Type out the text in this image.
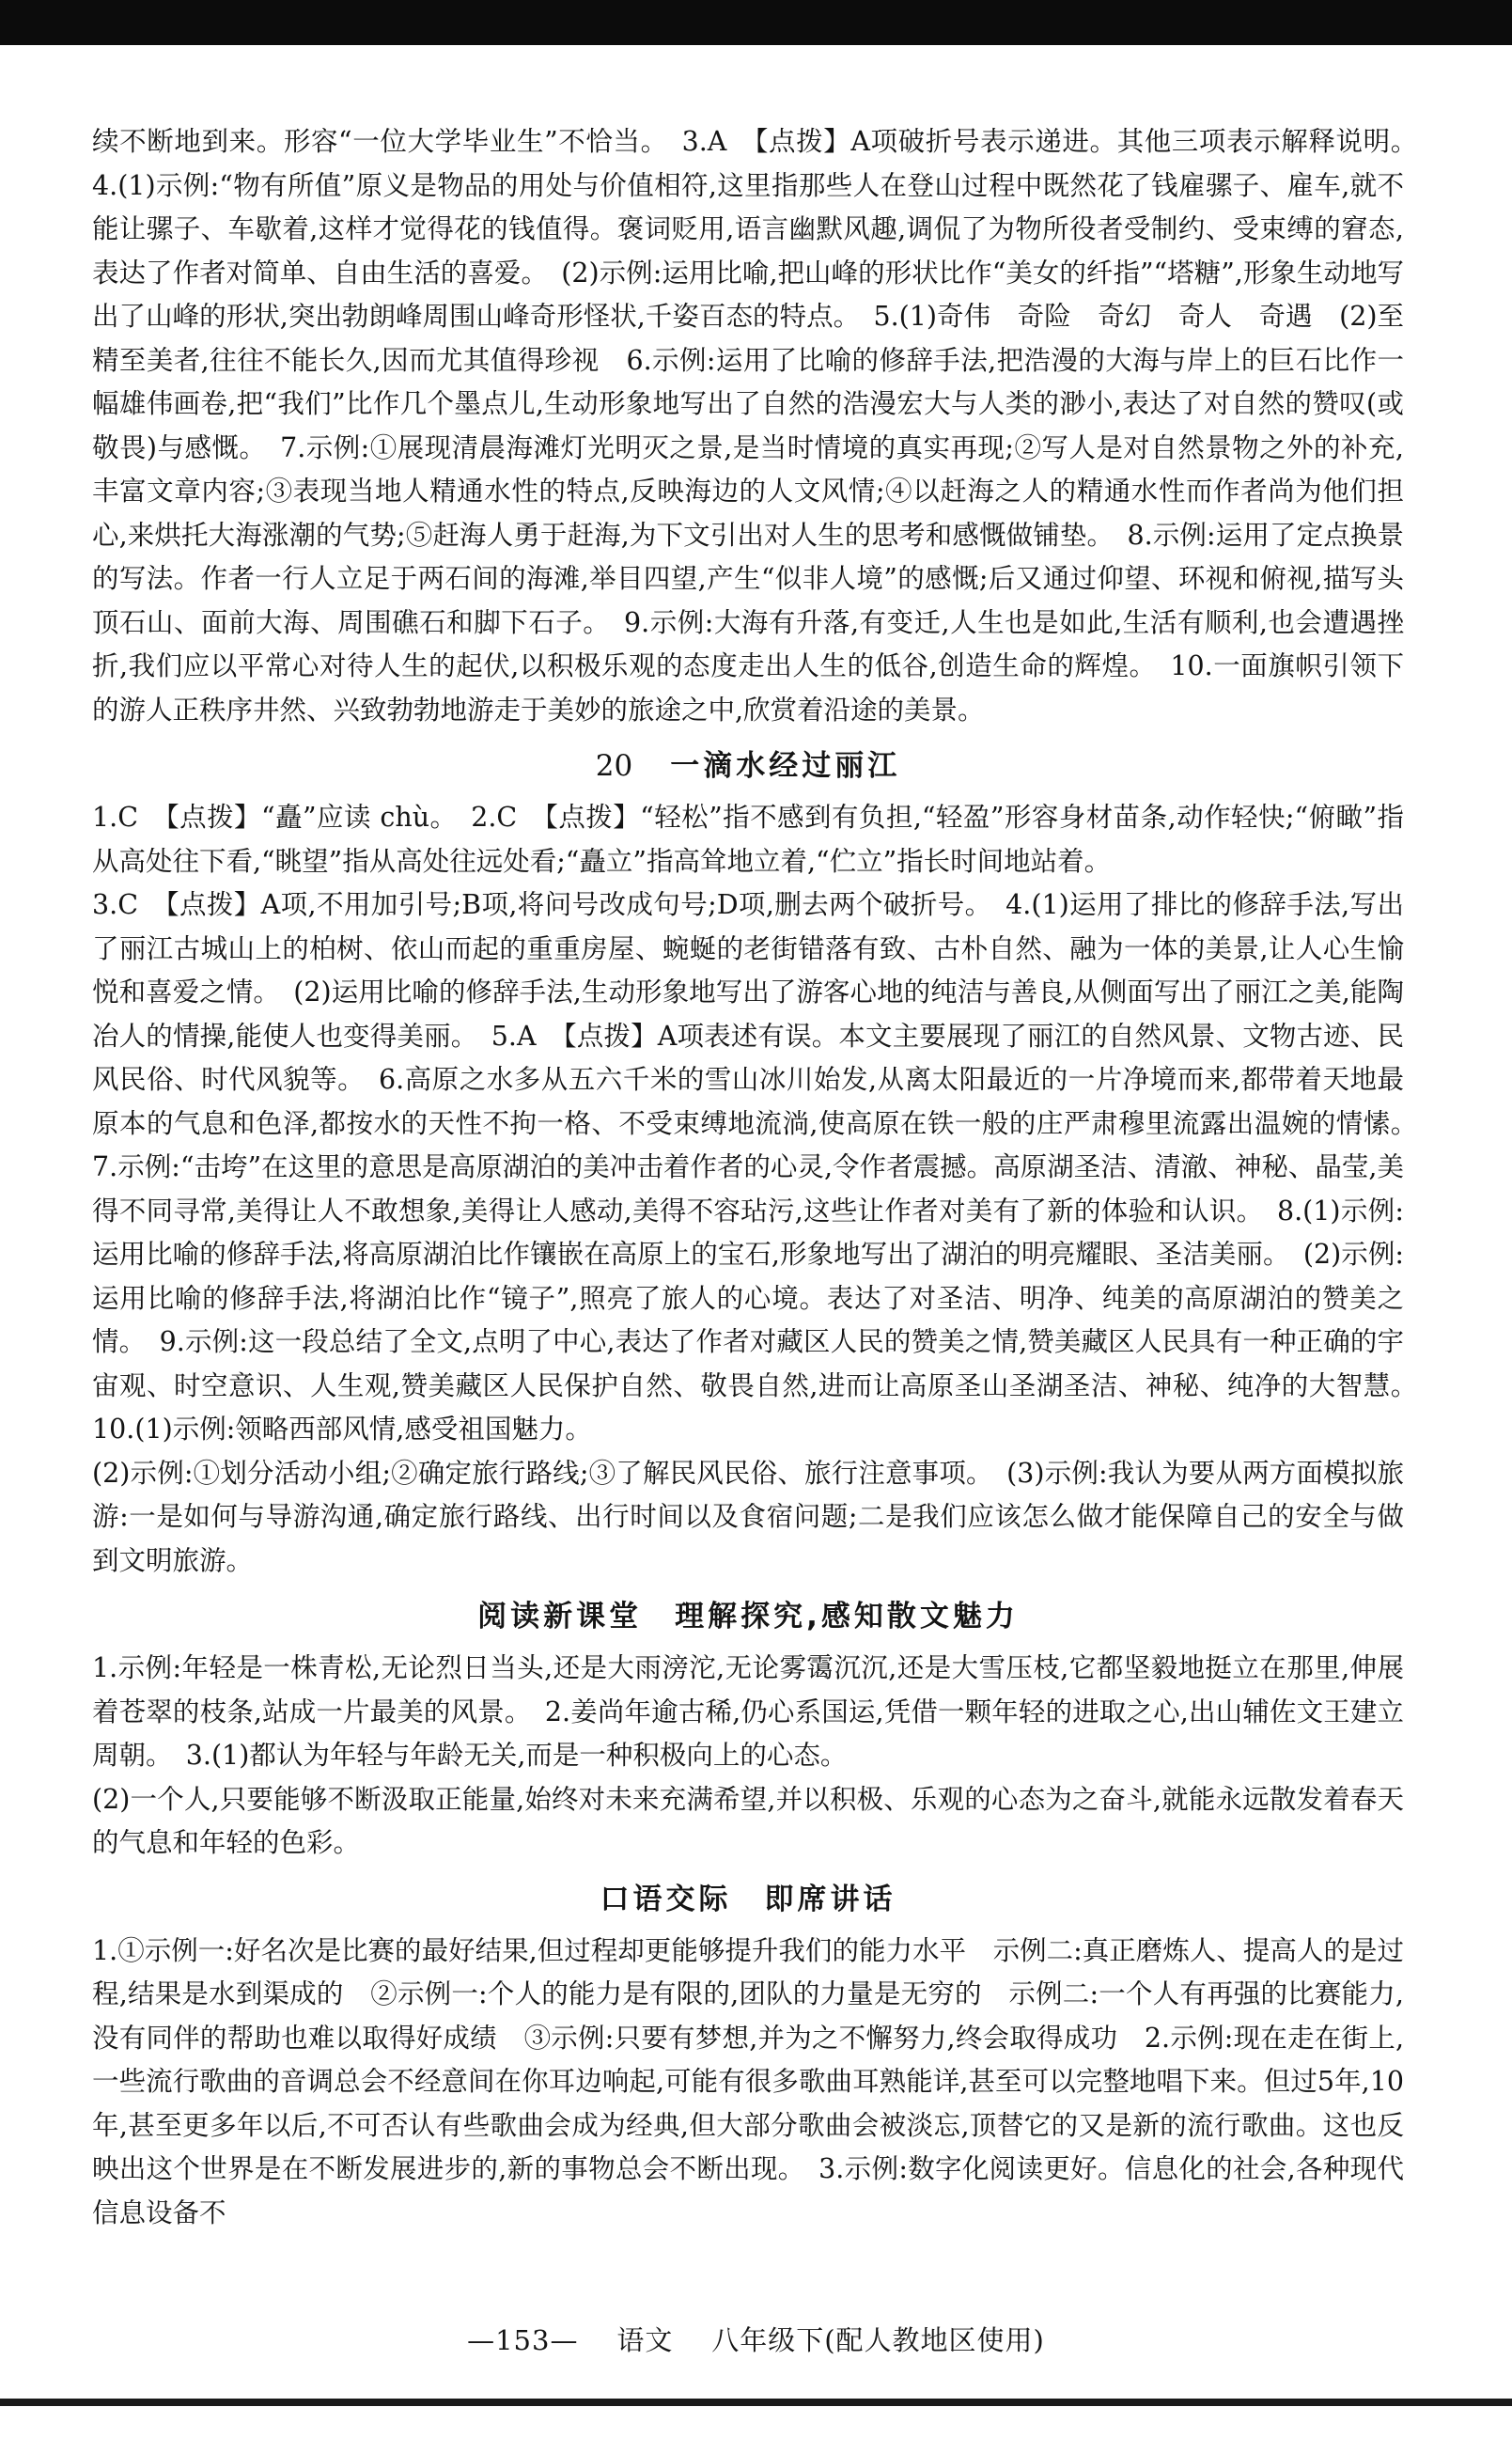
续不断地到来。形容“一位大学毕业生”不恰当。　3.A　【点拨】A项破折号表示递进。其他三项表示解释说明。　4.(1)示例:“物有所值”原义是物品的用处与价值相符,这里指那些人在登山过程中既然花了钱雇骡子、雇车,就不能让骡子、车歇着,这样才觉得花的钱值得。褒词贬用,语言幽默风趣,调侃了为物所役者受制约、受束缚的窘态,表达了作者对简单、自由生活的喜爱。　(2)示例:运用比喻,把山峰的形状比作“美女的纤指”“塔糖”,形象生动地写出了山峰的形状,突出勃朗峰周围山峰奇形怪状,千姿百态的特点。　5.(1)奇伟　奇险　奇幻　奇人　奇遇　(2)至精至美者,往往不能长久,因而尤其值得珍视　6.示例:运用了比喻的修辞手法,把浩漫的大海与岸上的巨石比作一幅雄伟画卷,把“我们”比作几个墨点儿,生动形象地写出了自然的浩漫宏大与人类的渺小,表达了对自然的赞叹(或敬畏)与感慨。　7.示例:①展现清晨海滩灯光明灭之景,是当时情境的真实再现;②写人是对自然景物之外的补充,丰富文章内容;③表现当地人精通水性的特点,反映海边的人文风情;④以赶海之人的精通水性而作者尚为他们担心,来烘托大海涨潮的气势;⑤赶海人勇于赶海,为下文引出对人生的思考和感慨做铺垫。　8.示例:运用了定点换景的写法。作者一行人立足于两石间的海滩,举目四望,产生“似非人境”的感慨;后又通过仰望、环视和俯视,描写头顶石山、面前大海、周围礁石和脚下石子。　9.示例:大海有升落,有变迁,人生也是如此,生活有顺利,也会遭遇挫折,我们应以平常心对待人生的起伏,以积极乐观的态度走出人生的低谷,创造生命的辉煌。　10.一面旗帜引领下的游人正秩序井然、兴致勃勃地游走于美妙的旅途之中,欣赏着沿途的美景。

20 一滴水经过丽江

1.C　【点拨】“矗”应读 chù。　2.C　【点拨】“轻松”指不感到有负担,“轻盈”形容身材苗条,动作轻快;“俯瞰”指从高处往下看,“眺望”指从高处往远处看;“矗立”指高耸地立着,“伫立”指长时间地站着。

3.C　【点拨】A项,不用加引号;B项,将问号改成句号;D项,删去两个破折号。　4.(1)运用了排比的修辞手法,写出了丽江古城山上的柏树、依山而起的重重房屋、蜿蜒的老街错落有致、古朴自然、融为一体的美景,让人心生愉悦和喜爱之情。　(2)运用比喻的修辞手法,生动形象地写出了游客心地的纯洁与善良,从侧面写出了丽江之美,能陶冶人的情操,能使人也变得美丽。　5.A　【点拨】A项表述有误。本文主要展现了丽江的自然风景、文物古迹、民风民俗、时代风貌等。　6.高原之水多从五六千米的雪山冰川始发,从离太阳最近的一片净境而来,都带着天地最原本的气息和色泽,都按水的天性不拘一格、不受束缚地流淌,使高原在铁一般的庄严肃穆里流露出温婉的情愫。　7.示例:“击垮”在这里的意思是高原湖泊的美冲击着作者的心灵,令作者震撼。高原湖圣洁、清澈、神秘、晶莹,美得不同寻常,美得让人不敢想象,美得让人感动,美得不容玷污,这些让作者对美有了新的体验和认识。　8.(1)示例:运用比喻的修辞手法,将高原湖泊比作镶嵌在高原上的宝石,形象地写出了湖泊的明亮耀眼、圣洁美丽。　(2)示例:运用比喻的修辞手法,将湖泊比作“镜子”,照亮了旅人的心境。表达了对圣洁、明净、纯美的高原湖泊的赞美之情。　9.示例:这一段总结了全文,点明了中心,表达了作者对藏区人民的赞美之情,赞美藏区人民具有一种正确的宇宙观、时空意识、人生观,赞美藏区人民保护自然、敬畏自然,进而让高原圣山圣湖圣洁、神秘、纯净的大智慧。　10.(1)示例:领略西部风情,感受祖国魅力。

(2)示例:①划分活动小组;②确定旅行路线;③了解民风民俗、旅行注意事项。　(3)示例:我认为要从两方面模拟旅游:一是如何与导游沟通,确定旅行路线、出行时间以及食宿问题;二是我们应该怎么做才能保障自己的安全与做到文明旅游。

阅读新课堂　理解探究,感知散文魅力

1.示例:年轻是一株青松,无论烈日当头,还是大雨滂沱,无论雾霭沉沉,还是大雪压枝,它都坚毅地挺立在那里,伸展着苍翠的枝条,站成一片最美的风景。　2.姜尚年逾古稀,仍心系国运,凭借一颗年轻的进取之心,出山辅佐文王建立周朝。　3.(1)都认为年轻与年龄无关,而是一种积极向上的心态。

(2)一个人,只要能够不断汲取正能量,始终对未来充满希望,并以积极、乐观的心态为之奋斗,就能永远散发着春天的气息和年轻的色彩。

口语交际　即席讲话

1.①示例一:好名次是比赛的最好结果,但过程却更能够提升我们的能力水平　示例二:真正磨炼人、提高人的是过程,结果是水到渠成的　②示例一:个人的能力是有限的,团队的力量是无穷的　示例二:一个人有再强的比赛能力,没有同伴的帮助也难以取得好成绩　③示例:只要有梦想,并为之不懈努力,终会取得成功　2.示例:现在走在街上,一些流行歌曲的音调总会不经意间在你耳边响起,可能有很多歌曲耳熟能详,甚至可以完整地唱下来。但过5年,10年,甚至更多年以后,不可否认有些歌曲会成为经典,但大部分歌曲会被淡忘,顶替它的又是新的流行歌曲。这也反映出这个世界是在不断发展进步的,新的事物总会不断出现。　3.示例:数字化阅读更好。信息化的社会,各种现代信息设备不

—153— 语文 八年级下(配人教地区使用)
